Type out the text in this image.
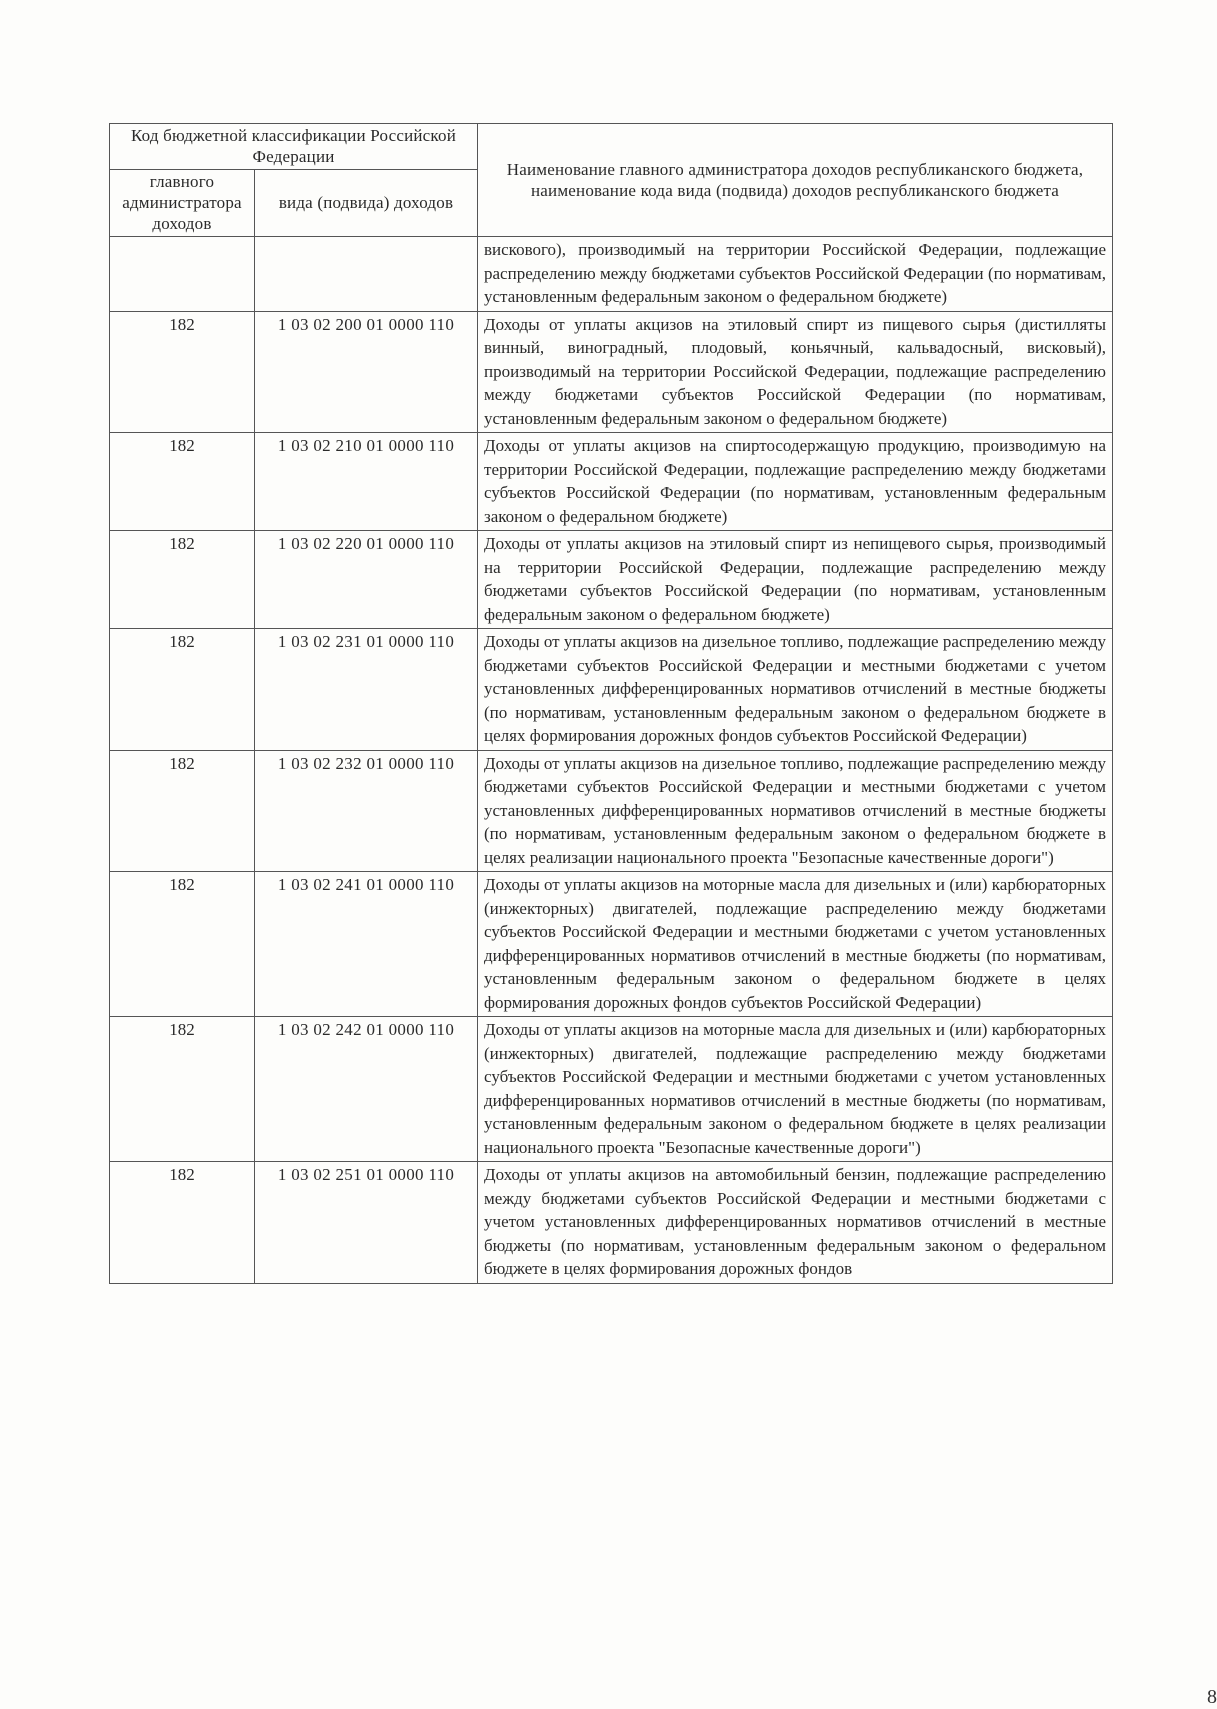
Код бюджетной классификации Российской Федерации		Наименование главного администратора доходов республиканского бюджета, наименование кода вида (подвида) доходов республиканского бюджета
главного администратора доходов	вида (подвида) доходов	
		вискового), производимый на территории Российской Федерации, подлежащие распределению между бюджетами субъектов Российской Федерации (по нормативам, установленным федеральным законом о федеральном бюджете)
182	1 03 02 200 01 0000 110	Доходы от уплаты акцизов на этиловый спирт из пищевого сырья (дистилляты винный, виноградный, плодовый, коньячный, кальвадосный, висковый), производимый на территории Российской Федерации, подлежащие распределению между бюджетами субъектов Российской Федерации (по нормативам, установленным федеральным законом о федеральном бюджете)
182	1 03 02 210 01 0000 110	Доходы от уплаты акцизов на спиртосодержащую продукцию, производимую на территории Российской Федерации, подлежащие распределению между бюджетами субъектов Российской Федерации (по нормативам, установленным федеральным законом о федеральном бюджете)
182	1 03 02 220 01 0000 110	Доходы от уплаты акцизов на этиловый спирт из непищевого сырья, производимый на территории Российской Федерации, подлежащие распределению между бюджетами субъектов Российской Федерации (по нормативам, установленным федеральным законом о федеральном бюджете)
182	1 03 02 231 01 0000 110	Доходы от уплаты акцизов на дизельное топливо, подлежащие распределению между бюджетами субъектов Российской Федерации и местными бюджетами с учетом установленных дифференцированных нормативов отчислений в местные бюджеты (по нормативам, установленным федеральным законом о федеральном бюджете в целях формирования дорожных фондов субъектов Российской Федерации)
182	1 03 02 232 01 0000 110	Доходы от уплаты акцизов на дизельное топливо, подлежащие распределению между бюджетами субъектов Российской Федерации и местными бюджетами с учетом установленных дифференцированных нормативов отчислений в местные бюджеты (по нормативам, установленным федеральным законом о федеральном бюджете в целях реализации национального проекта "Безопасные качественные дороги")
182	1 03 02 241 01 0000 110	Доходы от уплаты акцизов на моторные масла для дизельных и (или) карбюраторных (инжекторных) двигателей, подлежащие распределению между бюджетами субъектов Российской Федерации и местными бюджетами с учетом установленных дифференцированных нормативов отчислений в местные бюджеты (по нормативам, установленным федеральным законом о федеральном бюджете в целях формирования дорожных фондов субъектов Российской Федерации)
182	1 03 02 242 01 0000 110	Доходы от уплаты акцизов на моторные масла для дизельных и (или) карбюраторных (инжекторных) двигателей, подлежащие распределению между бюджетами субъектов Российской Федерации и местными бюджетами с учетом установленных дифференцированных нормативов отчислений в местные бюджеты (по нормативам, установленным федеральным законом о федеральном бюджете в целях реализации национального проекта "Безопасные качественные дороги")
182	1 03 02 251 01 0000 110	Доходы от уплаты акцизов на автомобильный бензин, подлежащие распределению между бюджетами субъектов Российской Федерации и местными бюджетами с учетом установленных дифференцированных нормативов отчислений в местные бюджеты (по нормативам, установленным федеральным законом о федеральном бюджете в целях формирования дорожных фондов
8
